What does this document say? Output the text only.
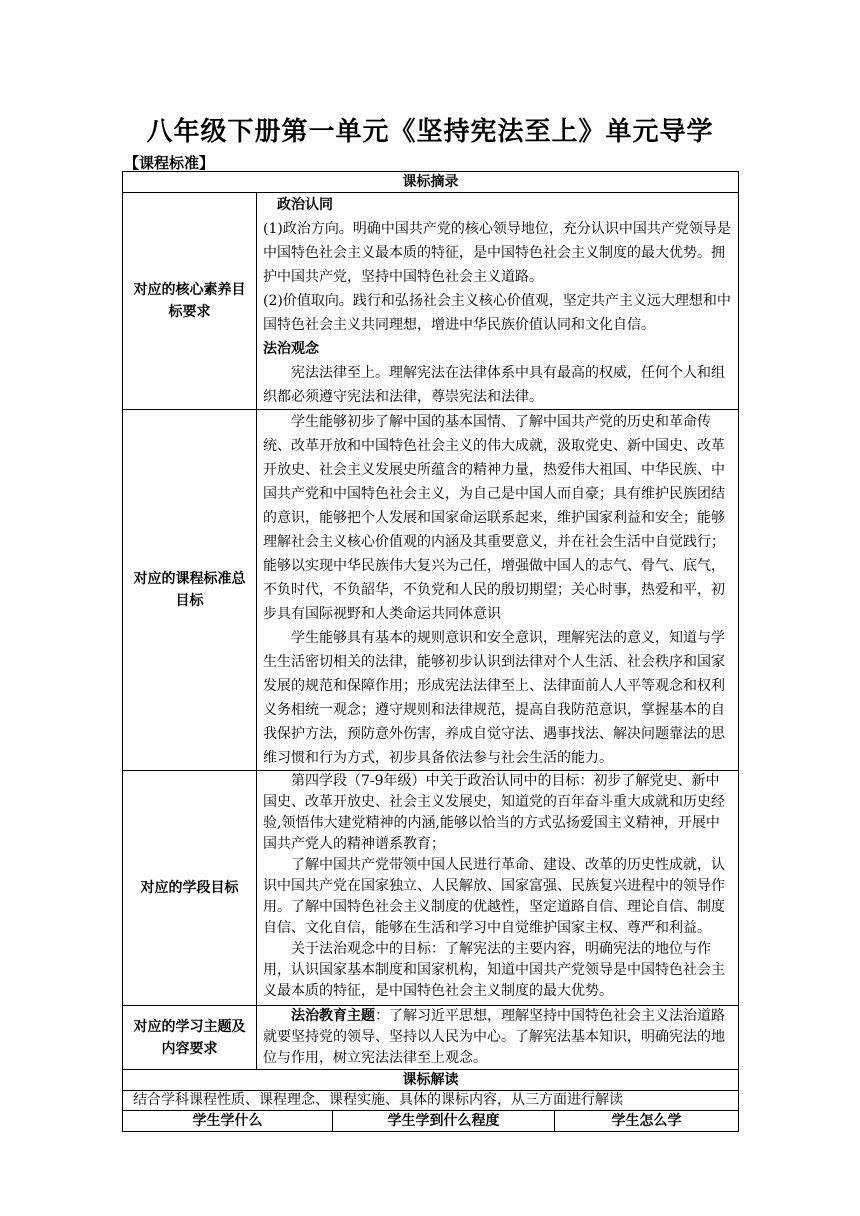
八年级下册第一单元《坚持宪法至上》单元导学
【课程标准】
课标摘录			
对应的核心素养目标要求	政治认同

(1)政治方向。明确中国共产党的核心领导地位，充分认识中国共产党领导是中国特色社会主义最本质的特征，是中国特色社会主义制度的最大优势。拥护中国共产党，坚持中国特色社会主义道路。

(2)价值取向。践行和弘扬社会主义核心价值观，坚定共产主义远大理想和中国特色社会主义共同理想，增进中华民族价值认同和文化自信。

法治观念

宪法法律至上。理解宪法在法律体系中具有最高的权威，任何个人和组织都必须遵守宪法和法律，尊崇宪法和法律。		

对应的课程标准总目标	学生能够初步了解中国的基本国情、了解中国共产党的历史和革命传统、改革开放和中国特色社会主义的伟大成就，汲取党史、新中国史、改革开放史、社会主义发展史所蕴含的精神力量，热爱伟大祖国、中华民族、中国共产党和中国特色社会主义，为自己是中国人而自豪；具有维护民族团结的意识，能够把个人发展和国家命运联系起来，维护国家利益和安全；能够理解社会主义核心价值观的内涵及其重要意义，并在社会生活中自觉践行；能够以实现中华民族伟大复兴为己任，增强做中国人的志气、骨气、底气，不负时代，不负韶华，不负党和人民的殷切期望；关心时事，热爱和平，初步具有国际视野和人类命运共同体意识

学生能够具有基本的规则意识和安全意识，理解宪法的意义，知道与学生生活密切相关的法律，能够初步认识到法律对个人生活、社会秩序和国家发展的规范和保障作用；形成宪法法律至上、法律面前人人平等观念和权利义务相统一观念；遵守规则和法律规范，提高自我防范意识，掌握基本的自我保护方法，预防意外伤害，养成自觉守法、遇事找法、解决问题靠法的思维习惯和行为方式，初步具备依法参与社会生活的能力。		

对应的学段目标	第四学段（7-9年级）中关于政治认同中的目标：初步了解党史、新中国史、改革开放史、社会主义发展史，知道党的百年奋斗重大成就和历史经验,领悟伟大建党精神的内涵,能够以恰当的方式弘扬爱国主义精神，开展中国共产党人的精神谱系教育；

了解中国共产党带领中国人民进行革命、建设、改革的历史性成就，认识中国共产党在国家独立、人民解放、国家富强、民族复兴进程中的领导作用。了解中国特色社会主义制度的优越性，坚定道路自信、理论自信、制度自信、文化自信，能够在生活和学习中自觉维护国家主权、尊严和利益。

关于法治观念中的目标：了解宪法的主要内容，明确宪法的地位与作用，认识国家基本制度和国家机构，知道中国共产党领导是中国特色社会主义最本质的特征，是中国特色社会主义制度的最大优势。		

对应的学习主题及内容要求	法治教育主题：了解习近平思想，理解坚持中国特色社会主义法治道路就要坚持党的领导、坚持以人民为中心。了解宪法基本知识，明确宪法的地位与作用，树立宪法法律至上观念。		

课标解读			
结合学科课程性质、课程理念、课程实施、具体的课标内容，从三方面进行解读			
学生学什么		学生学到什么程度	学生怎么学
